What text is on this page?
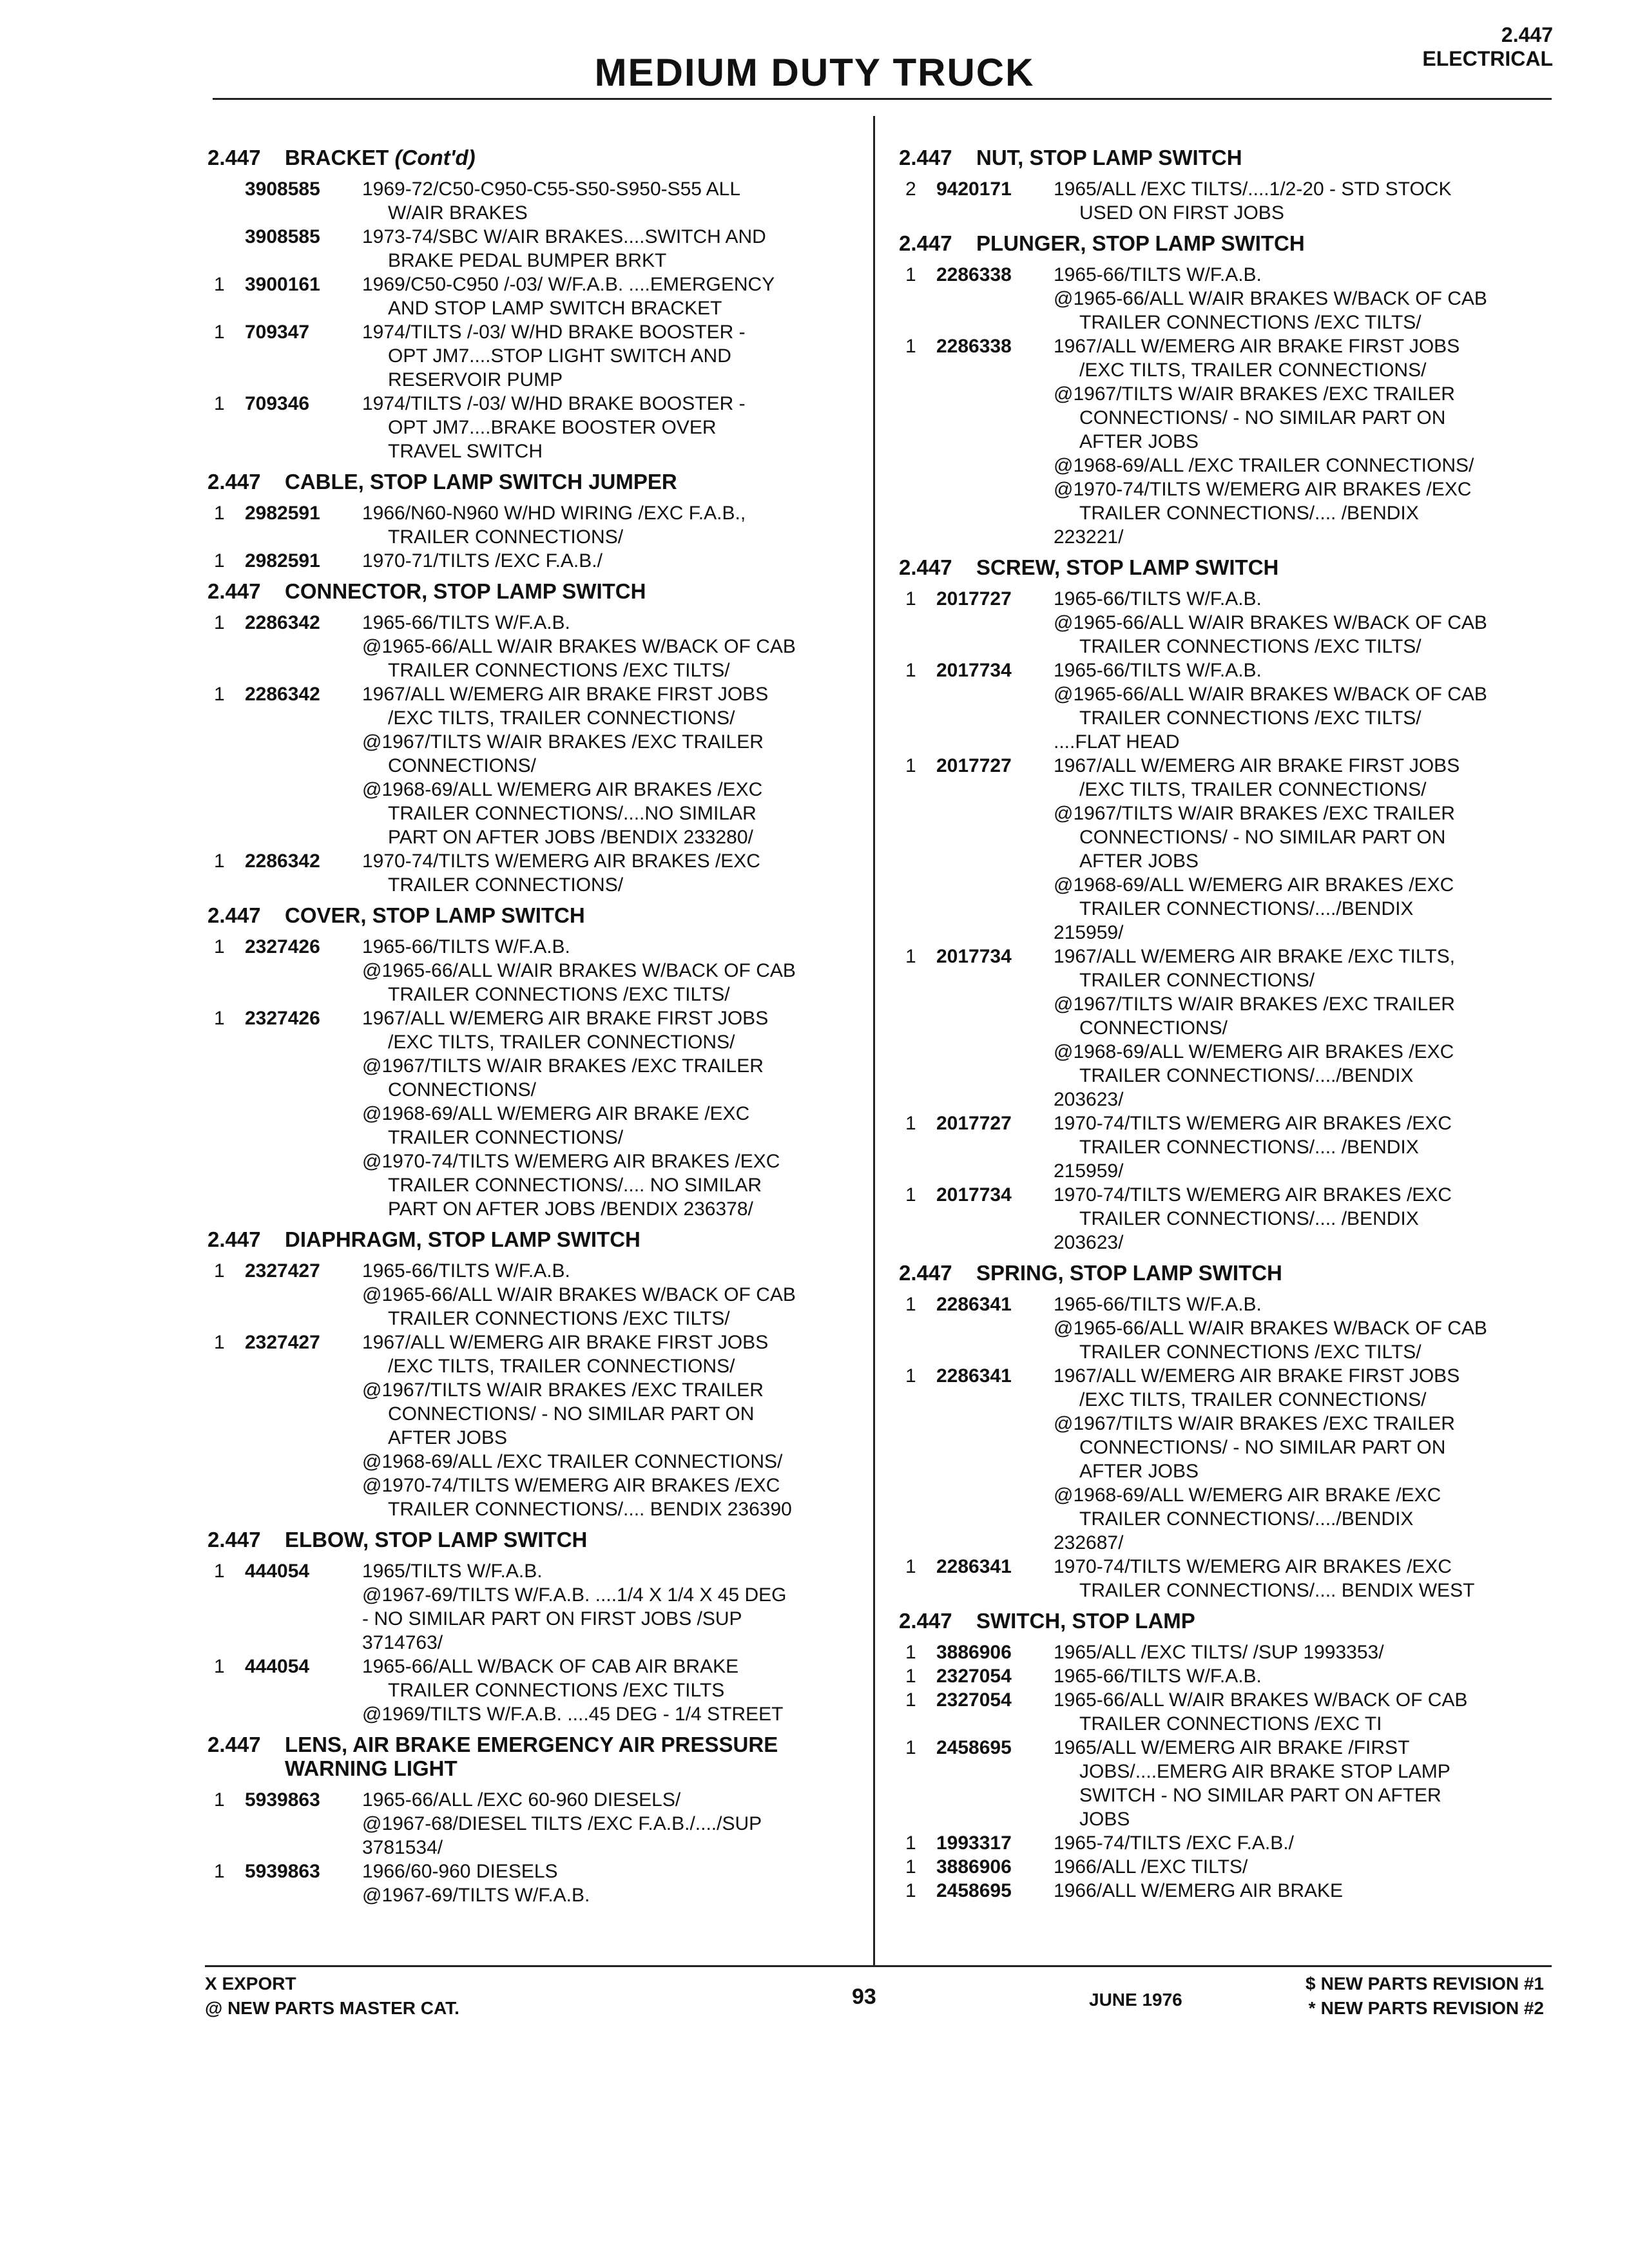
2.447
ELECTRICAL
MEDIUM DUTY TRUCK
2.447	BRACKET (Cont'd)
3908585	1969-72/C50-C950-C55-S50-S950-S55 ALL
W/AIR BRAKES
3908585	1973-74/SBC W/AIR BRAKES....SWITCH AND
BRAKE PEDAL BUMPER BRKT
1	3900161	1969/C50-C950 /-03/ W/F.A.B. ....EMERGENCY
AND STOP LAMP SWITCH BRACKET
1	709347	1974/TILTS /-03/ W/HD BRAKE BOOSTER -
OPT JM7....STOP LIGHT SWITCH AND
RESERVOIR PUMP
1	709346	1974/TILTS /-03/ W/HD BRAKE BOOSTER -
OPT JM7....BRAKE BOOSTER OVER
TRAVEL SWITCH
2.447	CABLE, STOP LAMP SWITCH JUMPER
1	2982591	1966/N60-N960 W/HD WIRING /EXC F.A.B.,
TRAILER CONNECTIONS/
1	2982591	1970-71/TILTS /EXC F.A.B./
2.447	CONNECTOR, STOP LAMP SWITCH
1	2286342	1965-66/TILTS W/F.A.B.
@1965-66/ALL W/AIR BRAKES W/BACK OF CAB
TRAILER CONNECTIONS /EXC TILTS/
1	2286342	1967/ALL W/EMERG AIR BRAKE FIRST JOBS
/EXC TILTS, TRAILER CONNECTIONS/
@1967/TILTS W/AIR BRAKES /EXC TRAILER
CONNECTIONS/
@1968-69/ALL W/EMERG AIR BRAKES /EXC
TRAILER CONNECTIONS/....NO SIMILAR
PART ON AFTER JOBS /BENDIX 233280/
1	2286342	1970-74/TILTS W/EMERG AIR BRAKES /EXC
TRAILER CONNECTIONS/
2.447	COVER, STOP LAMP SWITCH
1	2327426	1965-66/TILTS W/F.A.B.
@1965-66/ALL W/AIR BRAKES W/BACK OF CAB
TRAILER CONNECTIONS /EXC TILTS/
1	2327426	1967/ALL W/EMERG AIR BRAKE FIRST JOBS
/EXC TILTS, TRAILER CONNECTIONS/
@1967/TILTS W/AIR BRAKES /EXC TRAILER
CONNECTIONS/
@1968-69/ALL W/EMERG AIR BRAKE /EXC
TRAILER CONNECTIONS/
@1970-74/TILTS W/EMERG AIR BRAKES /EXC
TRAILER CONNECTIONS/.... NO SIMILAR
PART ON AFTER JOBS /BENDIX 236378/
2.447	DIAPHRAGM, STOP LAMP SWITCH
1	2327427	1965-66/TILTS W/F.A.B.
@1965-66/ALL W/AIR BRAKES W/BACK OF CAB
TRAILER CONNECTIONS /EXC TILTS/
1	2327427	1967/ALL W/EMERG AIR BRAKE FIRST JOBS
/EXC TILTS, TRAILER CONNECTIONS/
@1967/TILTS W/AIR BRAKES /EXC TRAILER
CONNECTIONS/ - NO SIMILAR PART ON
AFTER JOBS
@1968-69/ALL /EXC TRAILER CONNECTIONS/
@1970-74/TILTS W/EMERG AIR BRAKES /EXC
TRAILER CONNECTIONS/.... BENDIX 236390
2.447	ELBOW, STOP LAMP SWITCH
1	444054	1965/TILTS W/F.A.B.
@1967-69/TILTS W/F.A.B. ....1/4 X 1/4 X 45 DEG
- NO SIMILAR PART ON FIRST JOBS /SUP
3714763/
1	444054	1965-66/ALL W/BACK OF CAB AIR BRAKE
TRAILER CONNECTIONS /EXC TILTS
@1969/TILTS W/F.A.B. ....45 DEG - 1/4 STREET
2.447	LENS, AIR BRAKE EMERGENCY AIR PRESSURE WARNING LIGHT
1	5939863	1965-66/ALL /EXC 60-960 DIESELS/
@1967-68/DIESEL TILTS /EXC F.A.B./..../SUP
3781534/
1	5939863	1966/60-960 DIESELS
@1967-69/TILTS W/F.A.B.
2.447	NUT, STOP LAMP SWITCH
2	9420171	1965/ALL /EXC TILTS/....1/2-20 - STD STOCK
USED ON FIRST JOBS
2.447	PLUNGER, STOP LAMP SWITCH
1	2286338	1965-66/TILTS W/F.A.B.
@1965-66/ALL W/AIR BRAKES W/BACK OF CAB
TRAILER CONNECTIONS /EXC TILTS/
1	2286338	1967/ALL W/EMERG AIR BRAKE FIRST JOBS
/EXC TILTS, TRAILER CONNECTIONS/
@1967/TILTS W/AIR BRAKES /EXC TRAILER
CONNECTIONS/ - NO SIMILAR PART ON
AFTER JOBS
@1968-69/ALL /EXC TRAILER CONNECTIONS/
@1970-74/TILTS W/EMERG AIR BRAKES /EXC
TRAILER CONNECTIONS/.... /BENDIX
223221/
2.447	SCREW, STOP LAMP SWITCH
1	2017727	1965-66/TILTS W/F.A.B.
@1965-66/ALL W/AIR BRAKES W/BACK OF CAB
TRAILER CONNECTIONS /EXC TILTS/
1	2017734	1965-66/TILTS W/F.A.B.
@1965-66/ALL W/AIR BRAKES W/BACK OF CAB
TRAILER CONNECTIONS /EXC TILTS/
....FLAT HEAD
1	2017727	1967/ALL W/EMERG AIR BRAKE FIRST JOBS
/EXC TILTS, TRAILER CONNECTIONS/
@1967/TILTS W/AIR BRAKES /EXC TRAILER
CONNECTIONS/ - NO SIMILAR PART ON
AFTER JOBS
@1968-69/ALL W/EMERG AIR BRAKES /EXC
TRAILER CONNECTIONS/..../BENDIX
215959/
1	2017734	1967/ALL W/EMERG AIR BRAKE /EXC TILTS,
TRAILER CONNECTIONS/
@1967/TILTS W/AIR BRAKES /EXC TRAILER
CONNECTIONS/
@1968-69/ALL W/EMERG AIR BRAKES /EXC
TRAILER CONNECTIONS/..../BENDIX
203623/
1	2017727	1970-74/TILTS W/EMERG AIR BRAKES /EXC
TRAILER CONNECTIONS/.... /BENDIX
215959/
1	2017734	1970-74/TILTS W/EMERG AIR BRAKES /EXC
TRAILER CONNECTIONS/.... /BENDIX
203623/
2.447	SPRING, STOP LAMP SWITCH
1	2286341	1965-66/TILTS W/F.A.B.
@1965-66/ALL W/AIR BRAKES W/BACK OF CAB
TRAILER CONNECTIONS /EXC TILTS/
1	2286341	1967/ALL W/EMERG AIR BRAKE FIRST JOBS
/EXC TILTS, TRAILER CONNECTIONS/
@1967/TILTS W/AIR BRAKES /EXC TRAILER
CONNECTIONS/ - NO SIMILAR PART ON
AFTER JOBS
@1968-69/ALL W/EMERG AIR BRAKE /EXC
TRAILER CONNECTIONS/..../BENDIX
232687/
1	2286341	1970-74/TILTS W/EMERG AIR BRAKES /EXC
TRAILER CONNECTIONS/.... BENDIX WEST
2.447	SWITCH, STOP LAMP
1	3886906	1965/ALL /EXC TILTS/ /SUP 1993353/
1	2327054	1965-66/TILTS W/F.A.B.
1	2327054	1965-66/ALL W/AIR BRAKES W/BACK OF CAB
TRAILER CONNECTIONS /EXC TI
1	2458695	1965/ALL W/EMERG AIR BRAKE /FIRST
JOBS/....EMERG AIR BRAKE STOP LAMP
SWITCH - NO SIMILAR PART ON AFTER
JOBS
1	1993317	1965-74/TILTS /EXC F.A.B./
1	3886906	1966/ALL /EXC TILTS/
1	2458695	1966/ALL W/EMERG AIR BRAKE
X EXPORT
@ NEW PARTS MASTER CAT.	93	JUNE 1976
$ NEW PARTS REVISION #1
* NEW PARTS REVISION #2
